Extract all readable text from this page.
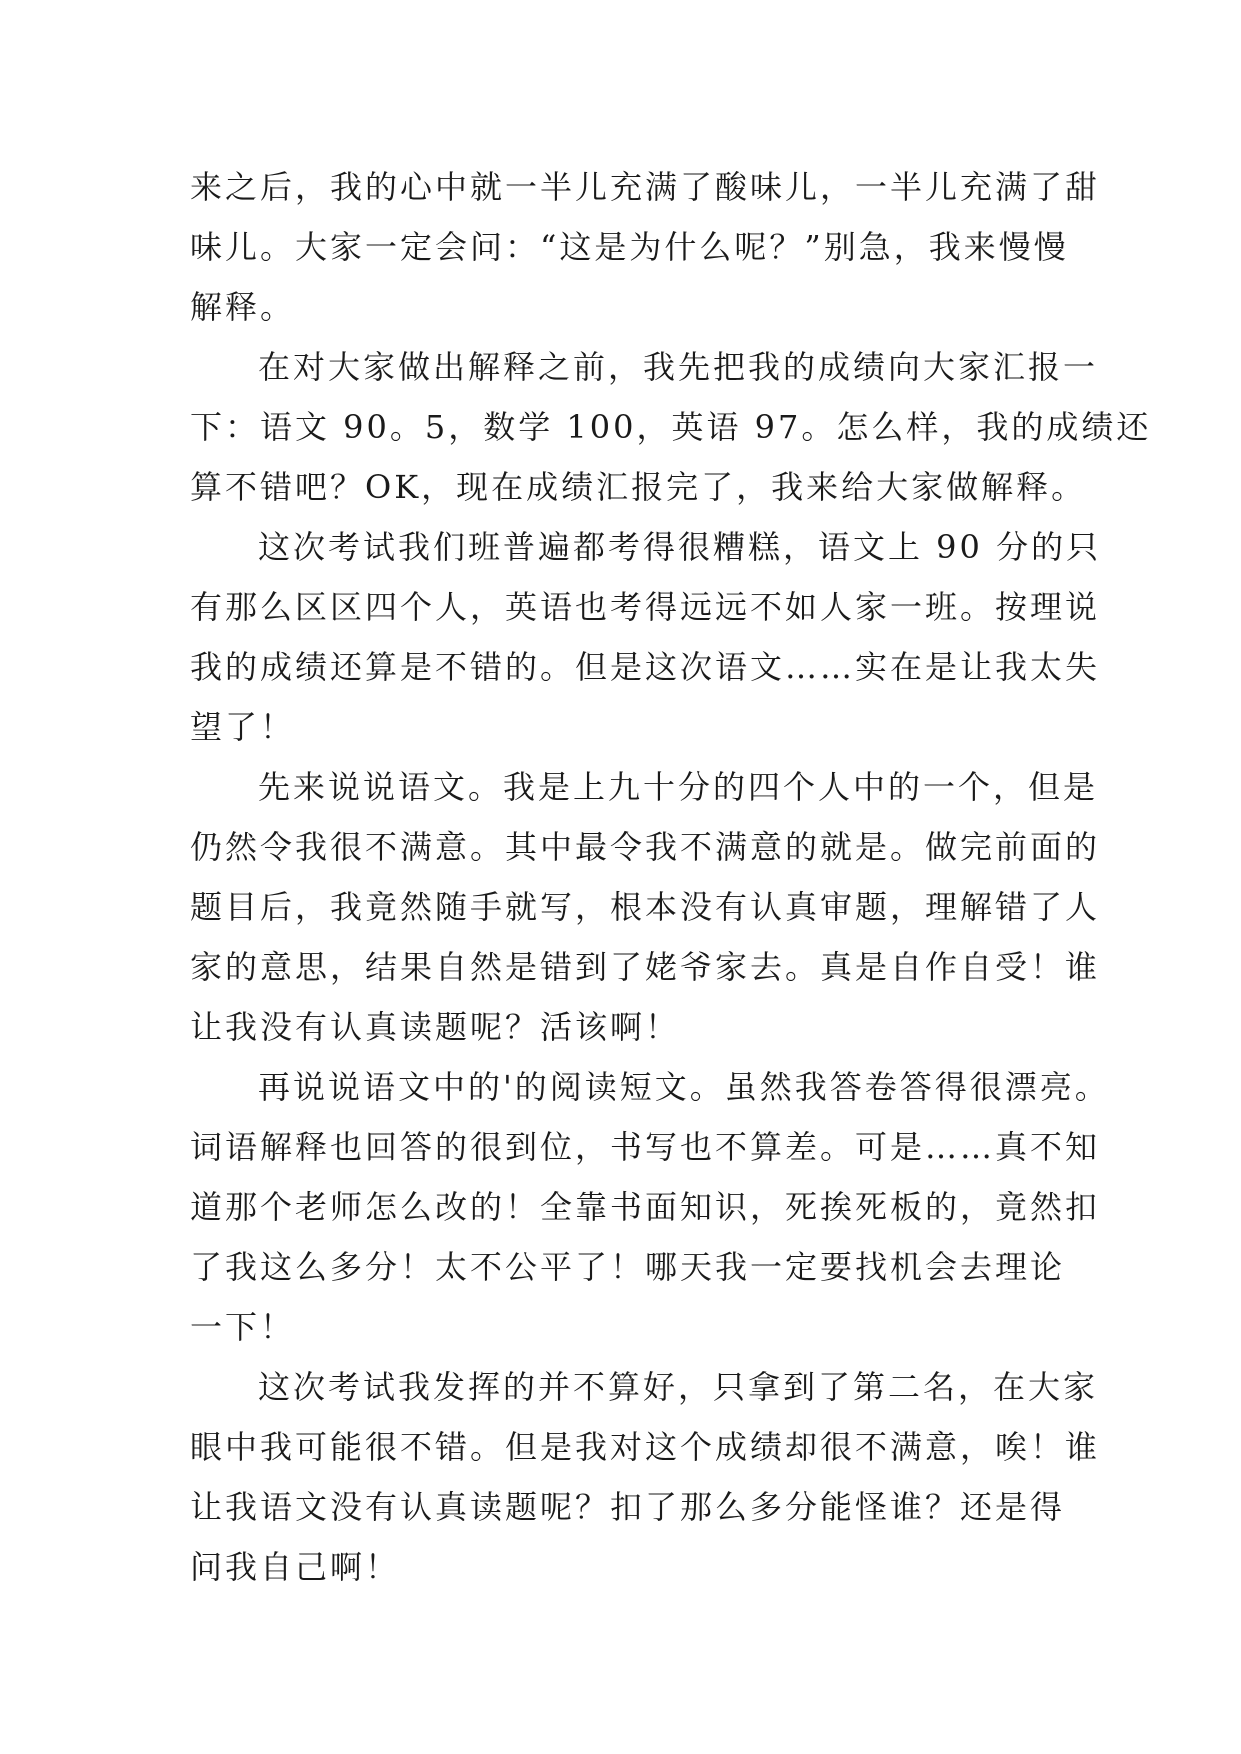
来之后，我的心中就一半儿充满了酸味儿，一半儿充满了甜
味儿。大家一定会问：“这是为什么呢？”别急，我来慢慢
解释。
在对大家做出解释之前，我先把我的成绩向大家汇报一
下：语文 90。5，数学 100，英语 97。怎么样，我的成绩还
算不错吧？OK，现在成绩汇报完了，我来给大家做解释。
这次考试我们班普遍都考得很糟糕，语文上 90 分的只
有那么区区四个人，英语也考得远远不如人家一班。按理说
我的成绩还算是不错的。但是这次语文……实在是让我太失
望了！
先来说说语文。我是上九十分的四个人中的一个，但是
仍然令我很不满意。其中最令我不满意的就是。做完前面的
题目后，我竟然随手就写，根本没有认真审题，理解错了人
家的意思，结果自然是错到了姥爷家去。真是自作自受！谁
让我没有认真读题呢？活该啊！
再说说语文中的'的阅读短文。虽然我答卷答得很漂亮。
词语解释也回答的很到位，书写也不算差。可是……真不知
道那个老师怎么改的！全靠书面知识，死挨死板的，竟然扣
了我这么多分！太不公平了！哪天我一定要找机会去理论
一下！
这次考试我发挥的并不算好，只拿到了第二名，在大家
眼中我可能很不错。但是我对这个成绩却很不满意，唉！谁
让我语文没有认真读题呢？扣了那么多分能怪谁？还是得
问我自己啊！
